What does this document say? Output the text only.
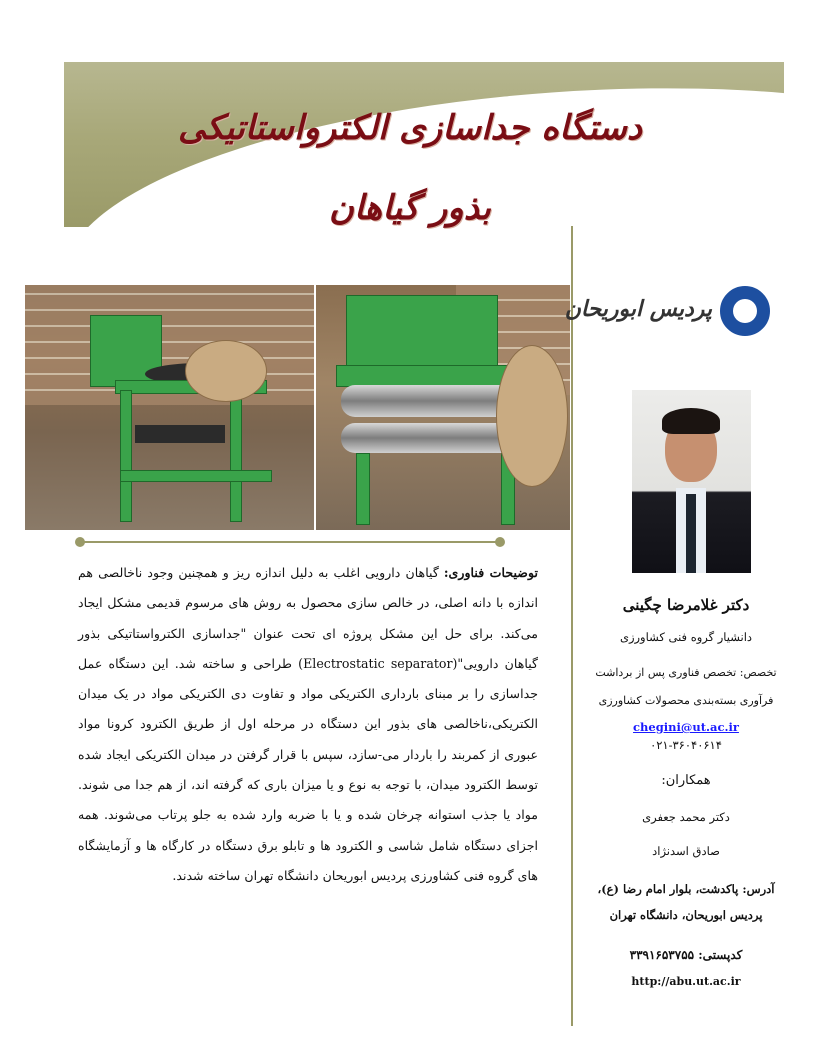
دستگاه جداسازی الکترواستاتیکی بذور گیاهان
پردیس ابوریحان
توضیحات فناوری: گیاهان دارویی اغلب به دلیل اندازه ریز و همچنین وجود ناخالصی هم اندازه با دانه اصلی، در خالص سازی محصول به روش های مرسوم قدیمی مشکل ایجاد می‌کند. برای حل این مشکل پروژه ای تحت عنوان "جداسازی الکترواستاتیکی بذور گیاهان دارویی"(Electrostatic separator) طراحی و ساخته شد. این دستگاه عمل جداسازی را بر مبنای بارداری الکتریکی مواد و تفاوت دی الکتریکی مواد در یک میدان الکتریکی،ناخالصی های بذور این دستگاه در مرحله اول از طریق الکترود کرونا مواد عبوری از کمربند را باردار می-سازد، سپس با قرار گرفتن در میدان الکتریکی ایجاد شده توسط الکترود میدان، با توجه به نوع و یا میزان باری که گرفته اند، از هم جدا می شوند. مواد یا جذب استوانه چرخان شده و یا با ضربه وارد شده به جلو پرتاب می‌شوند. همه اجزای دستگاه شامل شاسی و الکترود ها و تابلو برق دستگاه در کارگاه ها و آزمایشگاه های گروه فنی کشاورزی پردیس ابوریحان دانشگاه تهران ساخته شدند.
دکتر غلامرضا چگینی
دانشیار گروه فنی کشاورزی
تخصص: تخصص فناوری پس از برداشت
فرآوری بسته‌بندی محصولات کشاورزی
chegini@ut.ac.ir
۰۲۱-۳۶۰۴۰۶۱۴
همکاران:
دکتر محمد جعفری
صادق اسدنژاد
آدرس: پاکدشت، بلوار امام رضا (ع)،
پردیس ابوریحان، دانشگاه تهران
کدپستی: ۳۳۹۱۶۵۳۷۵۵
http://abu.ut.ac.ir
